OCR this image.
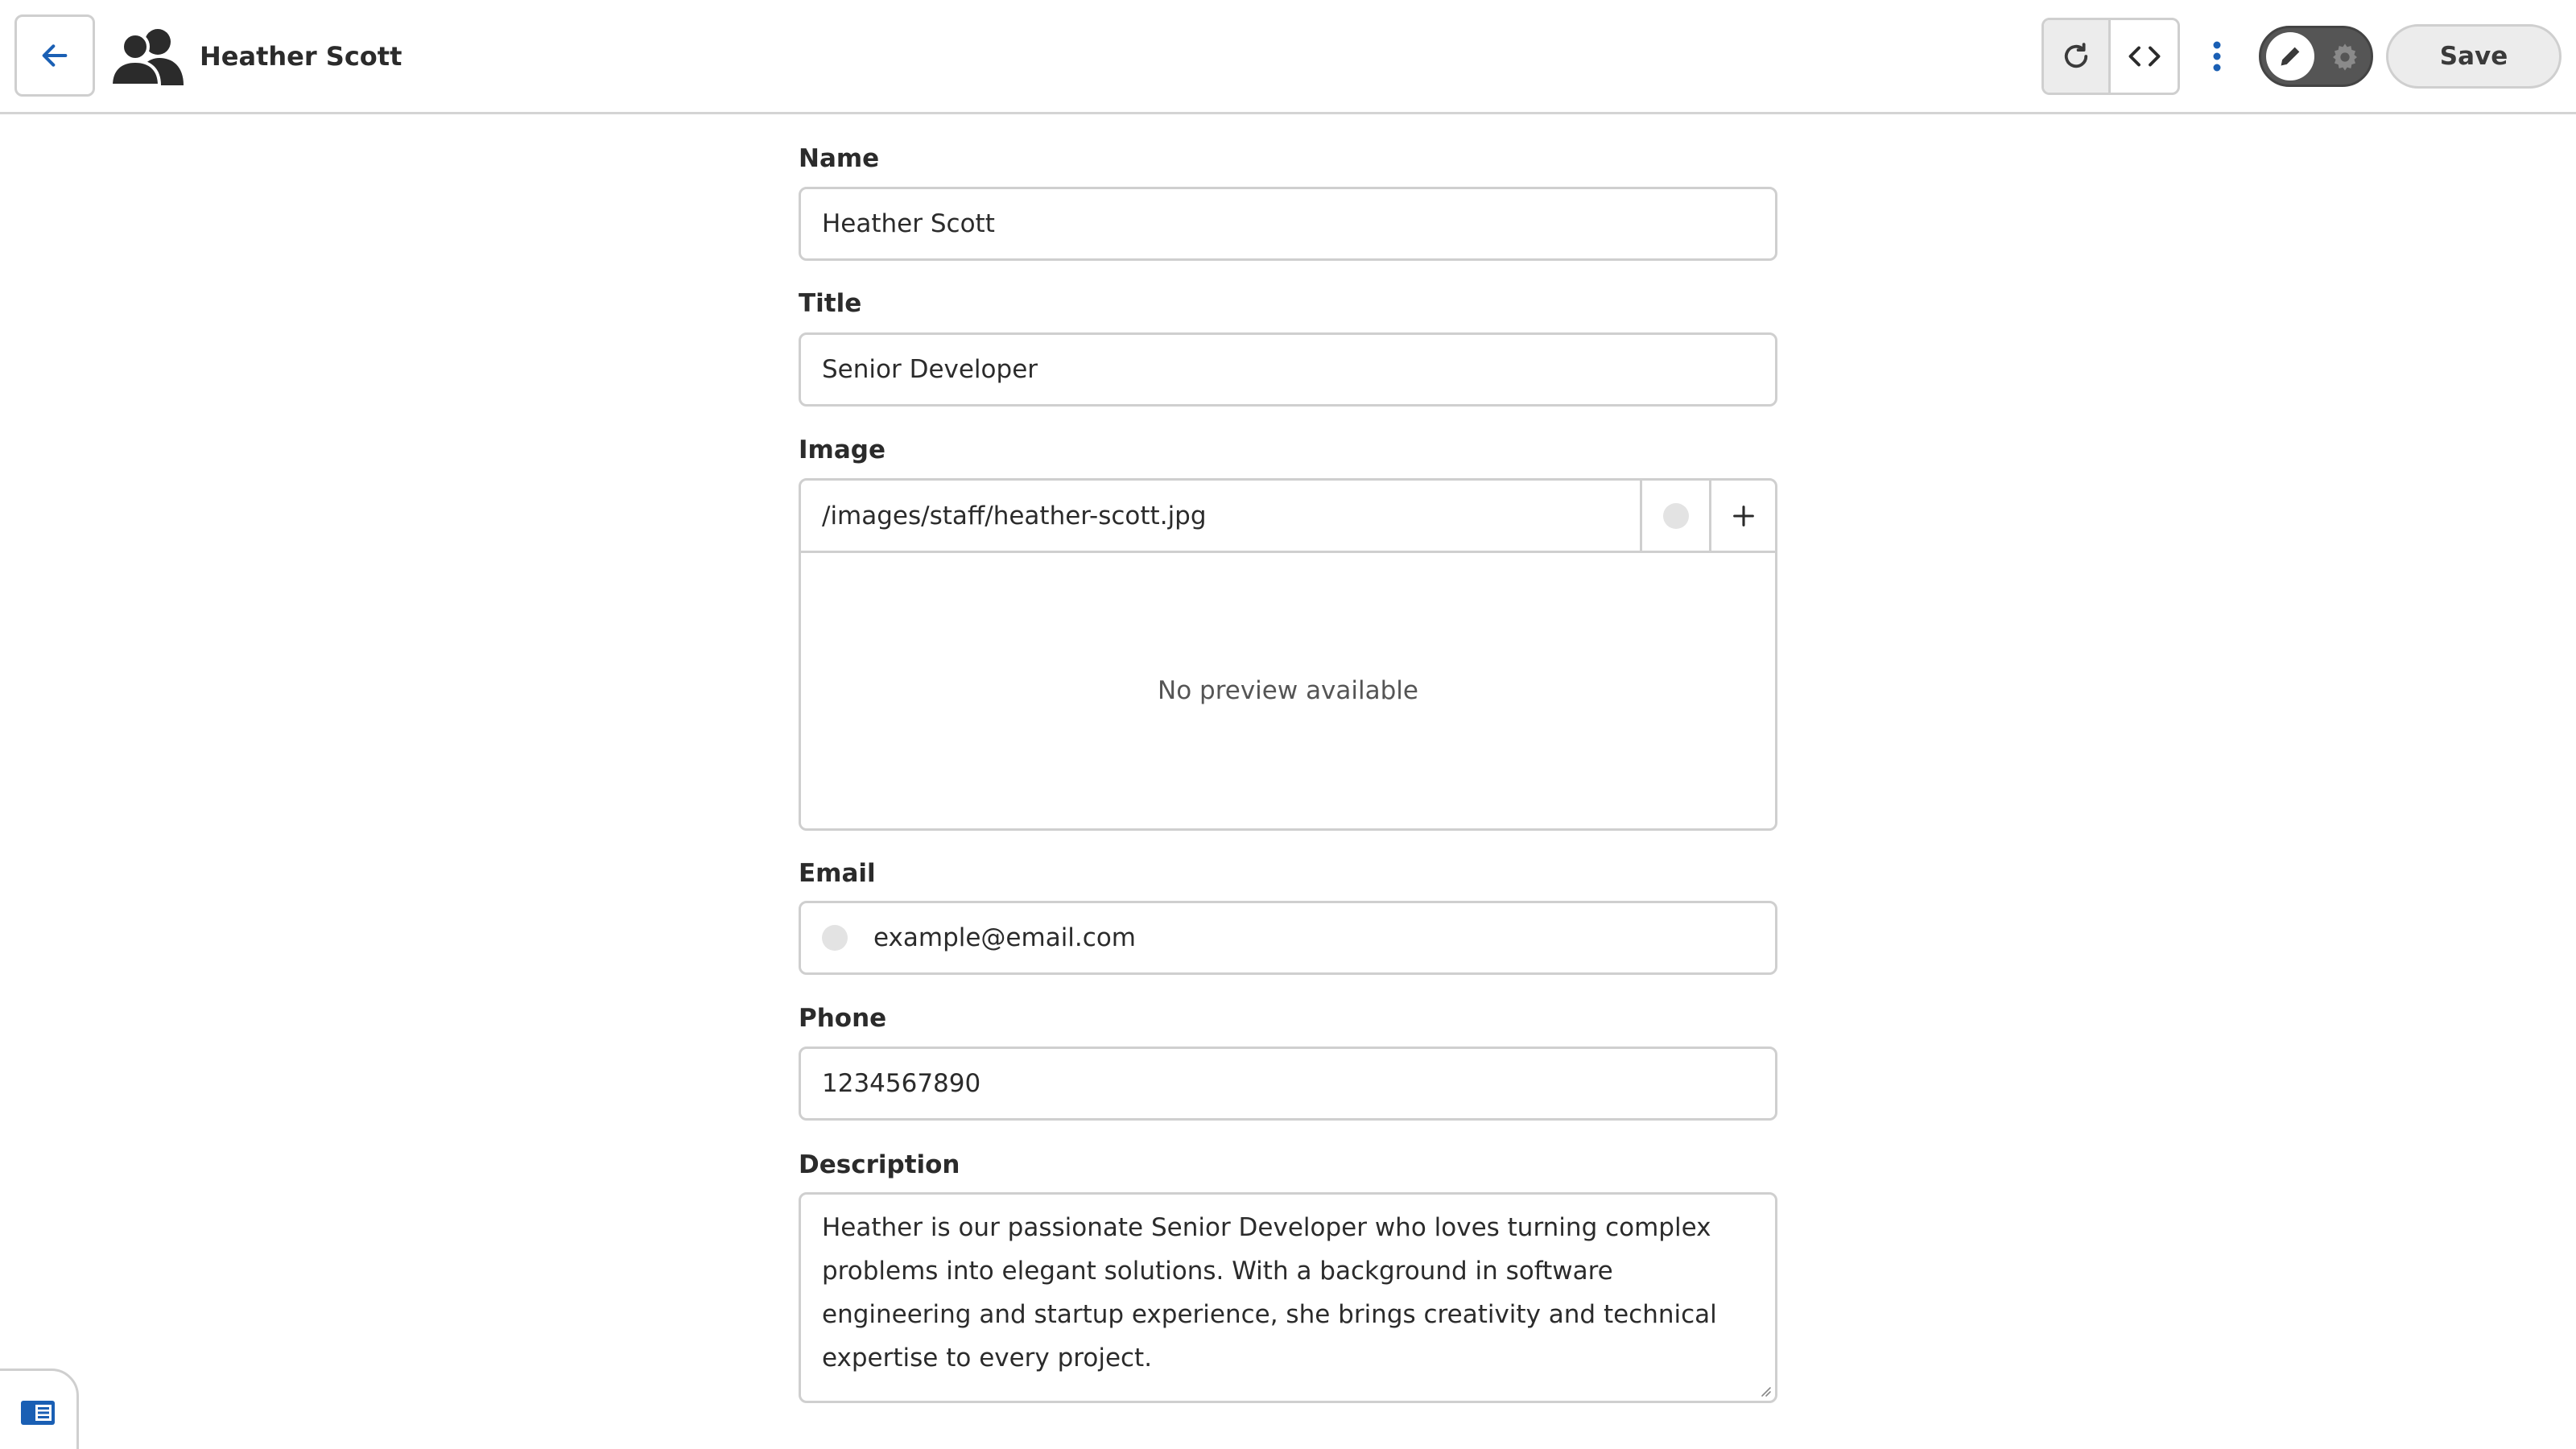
Heather Scott	Save
Name
Heather Scott
Title
Senior Developer
Image
/images/staff/heather-scott.jpg
No preview available
Email
example@email.com
Phone
1234567890
Description
Heather is our passionate Senior Developer who loves turning complex problems into elegant solutions. With a background in software engineering and startup experience, she brings creativity and technical expertise to every project.
